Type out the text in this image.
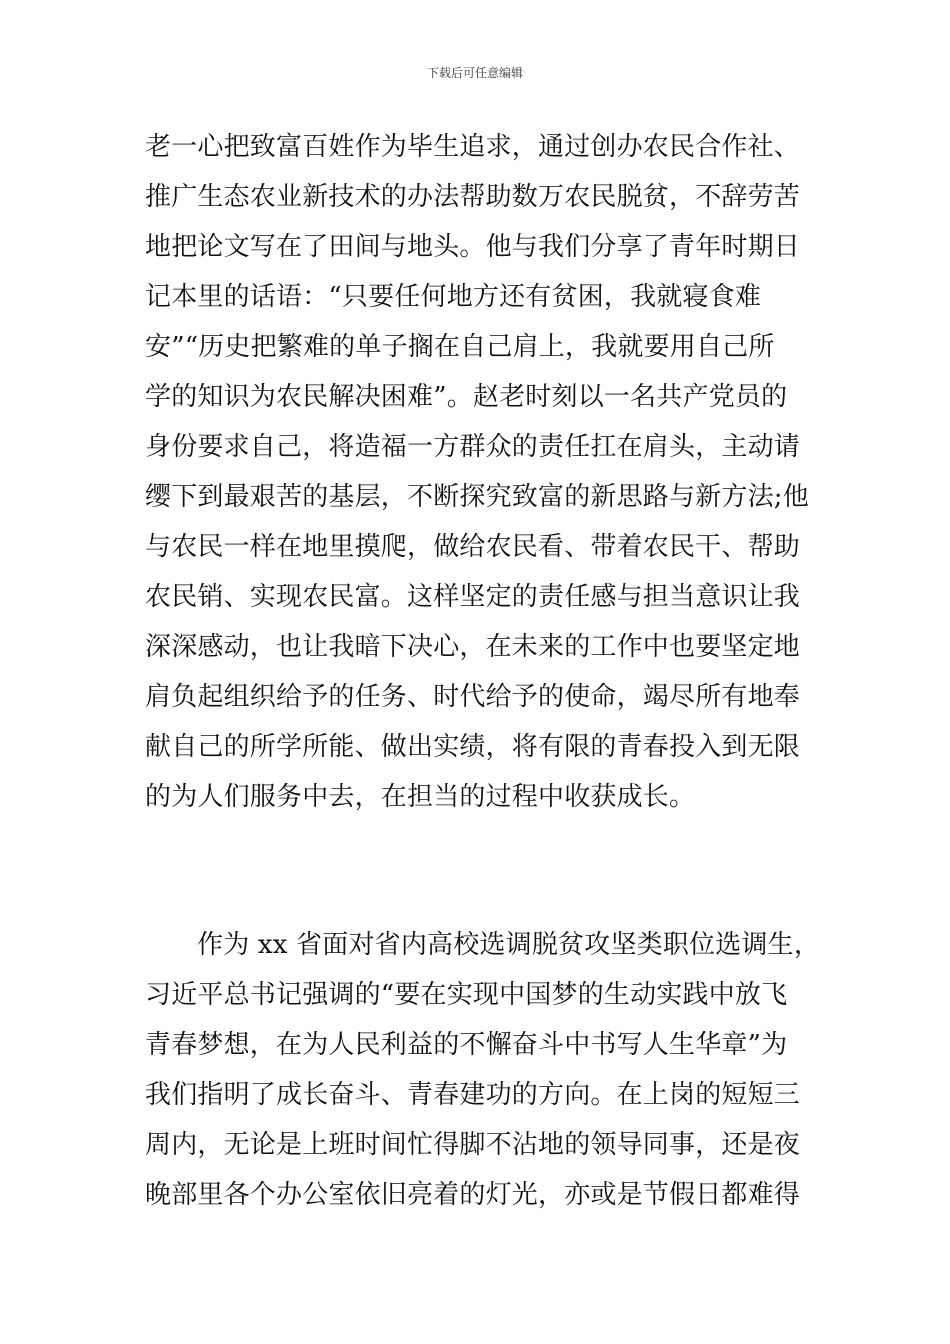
下载后可任意编辑
老一心把致富百姓作为毕生追求，通过创办农民合作社、
推广生态农业新技术的办法帮助数万农民脱贫，不辞劳苦
地把论文写在了田间与地头。他与我们分享了青年时期日
记本里的话语：“只要任何地方还有贫困，我就寝食难
安”“历史把繁难的单子搁在自己肩上，我就要用自己所
学的知识为农民解决困难”。赵老时刻以一名共产党员的
身份要求自己，将造福一方群众的责任扛在肩头，主动请
缨下到最艰苦的基层，不断探究致富的新思路与新方法;他
与农民一样在地里摸爬，做给农民看、带着农民干、帮助
农民销、实现农民富。这样坚定的责任感与担当意识让我
深深感动，也让我暗下决心，在未来的工作中也要坚定地
肩负起组织给予的任务、时代给予的使命，竭尽所有地奉
献自己的所学所能、做出实绩，将有限的青春投入到无限
的为人们服务中去，在担当的过程中收获成长。
作为 xx 省面对省内高校选调脱贫攻坚类职位选调生，
习近平总书记强调的“要在实现中国梦的生动实践中放飞
青春梦想，在为人民利益的不懈奋斗中书写人生华章”为
我们指明了成长奋斗、青春建功的方向。在上岗的短短三
周内，无论是上班时间忙得脚不沾地的领导同事，还是夜
晚部里各个办公室依旧亮着的灯光，亦或是节假日都难得
